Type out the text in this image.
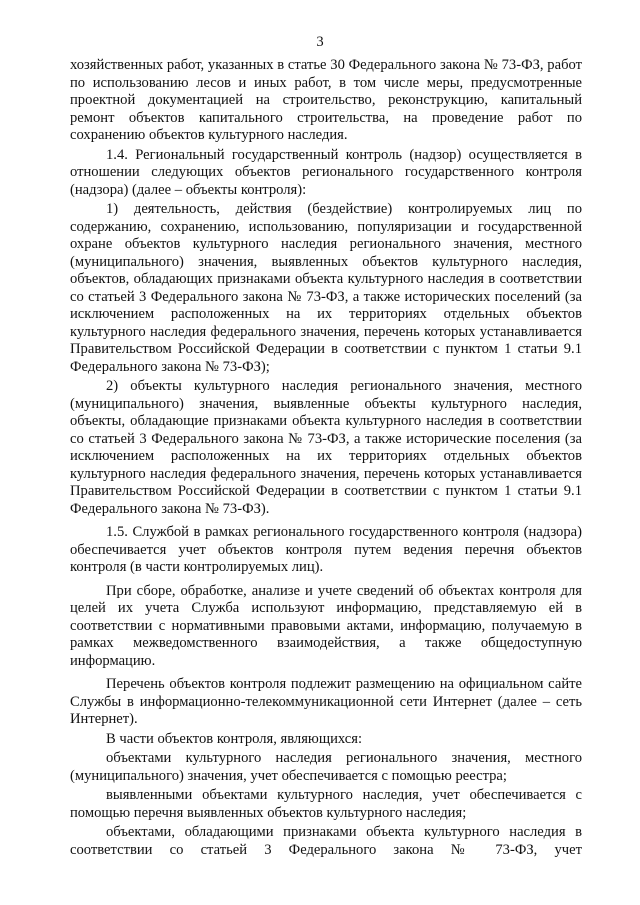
3

хозяйственных работ, указанных в статье 30 Федерального закона № 73-ФЗ, работ по использованию лесов и иных работ, в том числе меры, предусмотренные проектной документацией на строительство, реконструкцию, капитальный ремонт объектов капитального строительства, на проведение работ по сохранению объектов культурного наследия.

1.4. Региональный государственный контроль (надзор) осуществляется в отношении следующих объектов регионального государственного контроля (надзора) (далее – объекты контроля):

1) деятельность, действия (бездействие) контролируемых лиц по содержанию, сохранению, использованию, популяризации и государственной охране объектов культурного наследия регионального значения, местного (муниципального) значения, выявленных объектов культурного наследия, объектов, обладающих признаками объекта культурного наследия в соответствии со статьей 3 Федерального закона № 73-ФЗ, а также исторических поселений (за исключением расположенных на их территориях отдельных объектов культурного наследия федерального значения, перечень которых устанавливается Правительством Российской Федерации в соответствии с пунктом 1 статьи 9.1 Федерального закона № 73-ФЗ);

2) объекты культурного наследия регионального значения, местного (муниципального) значения, выявленные объекты культурного наследия, объекты, обладающие признаками объекта культурного наследия в соответствии со статьей 3 Федерального закона № 73-ФЗ, а также исторические поселения (за исключением расположенных на их территориях отдельных объектов культурного наследия федерального значения, перечень которых устанавливается Правительством Российской Федерации в соответствии с пунктом 1 статьи 9.1 Федерального закона № 73-ФЗ).

1.5. Службой в рамках регионального государственного контроля (надзора) обеспечивается учет объектов контроля путем ведения перечня объектов контроля (в части контролируемых лиц).

При сборе, обработке, анализе и учете сведений об объектах контроля для целей их учета Служба используют информацию, представляемую ей в соответствии с нормативными правовыми актами, информацию, получаемую в рамках межведомственного взаимодействия, а также общедоступную информацию.

Перечень объектов контроля подлежит размещению на официальном сайте Службы в информационно-телекоммуникационной сети Интернет (далее – сеть Интернет).

В части объектов контроля, являющихся:

объектами культурного наследия регионального значения, местного (муниципального) значения, учет обеспечивается с помощью реестра;

выявленными объектами культурного наследия, учет обеспечивается с помощью перечня выявленных объектов культурного наследия;

объектами, обладающими признаками объекта культурного наследия в соответствии со статьей 3 Федерального закона № 73-ФЗ, учет
